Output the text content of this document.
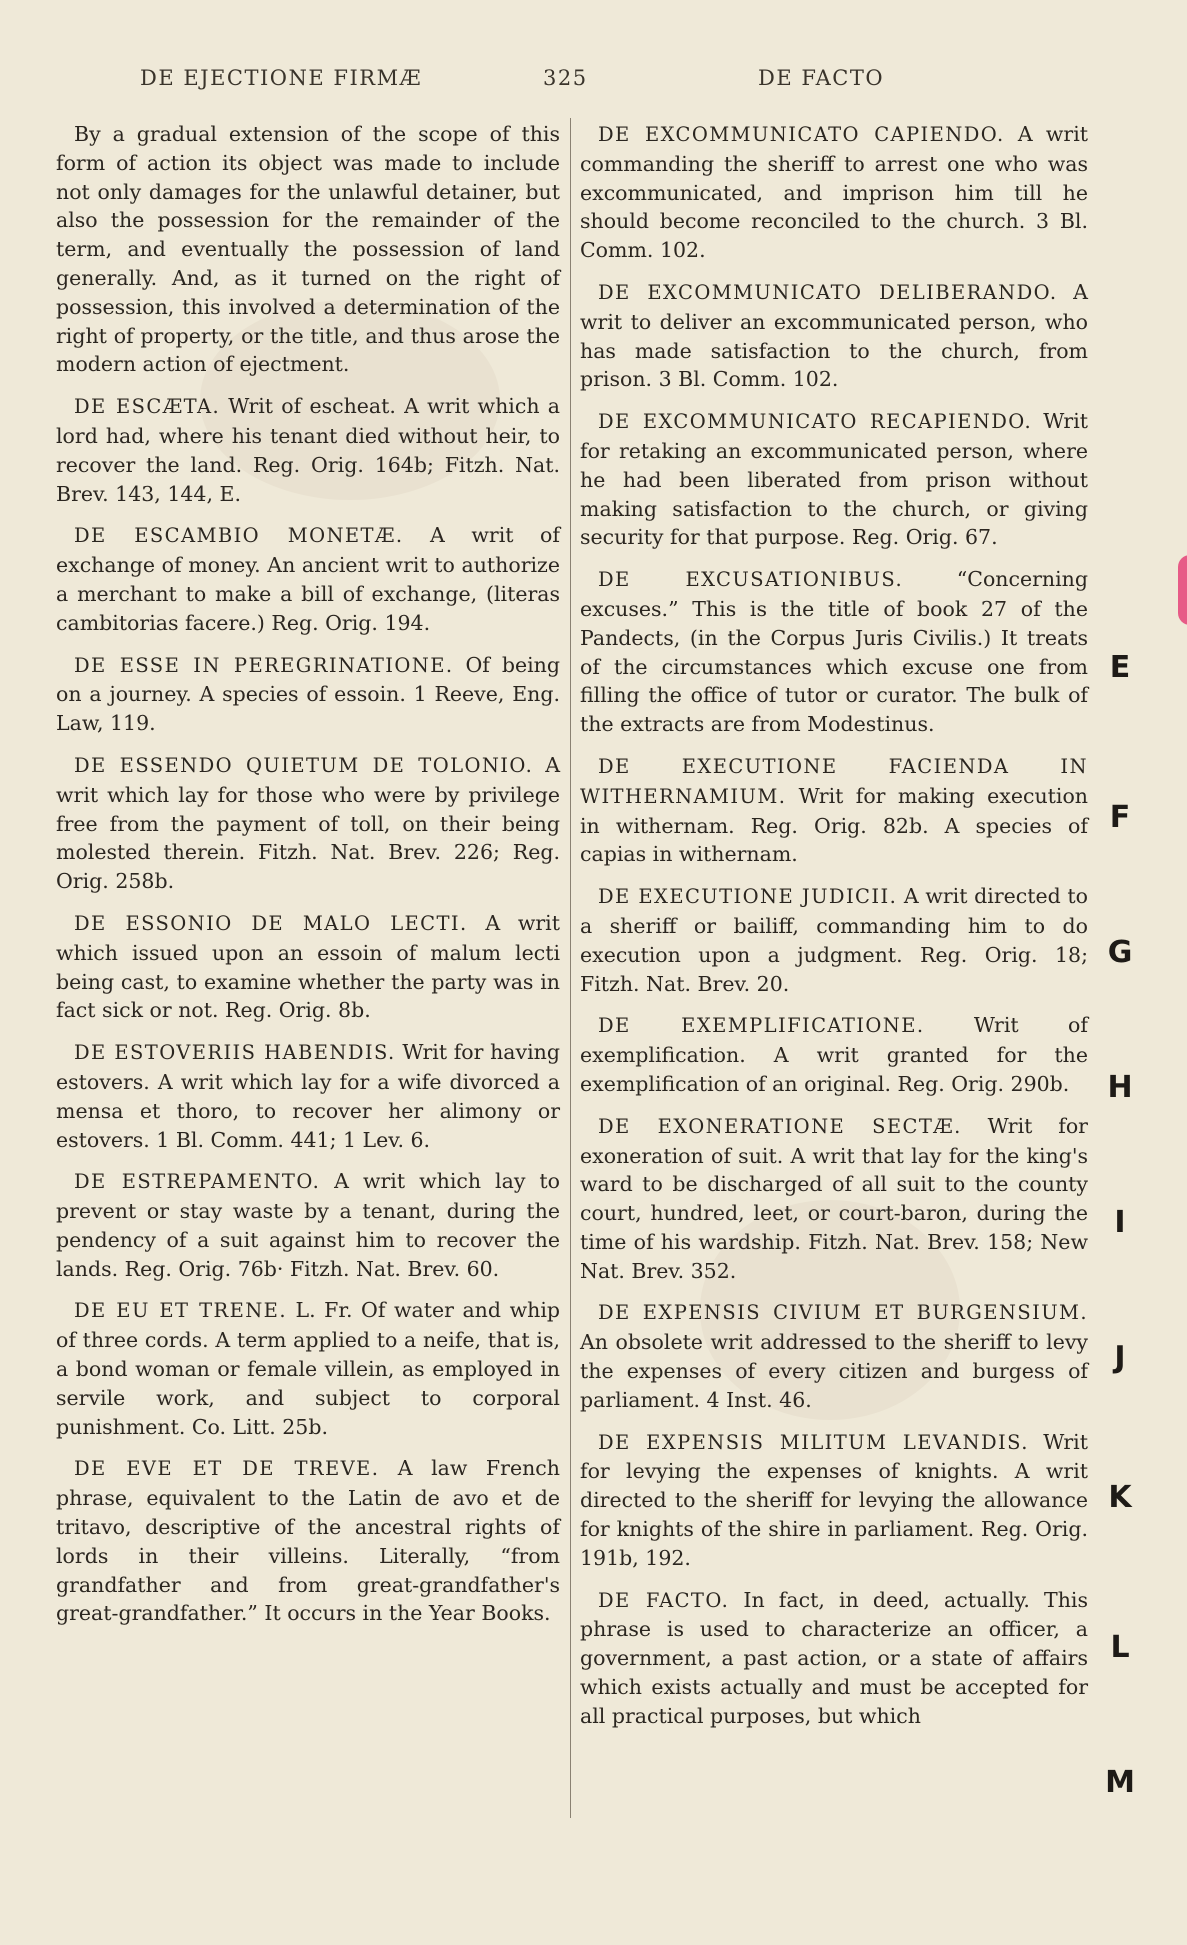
DE EJECTIONE FIRMÆ	325	DE FACTO

By a gradual extension of the scope of this form of action its object was made to include not only damages for the unlawful detainer, but also the possession for the remainder of the term, and eventually the possession of land generally. And, as it turned on the right of possession, this involved a determination of the right of property, or the title, and thus arose the modern action of ejectment.

DE ESCÆTA. Writ of escheat. A writ which a lord had, where his tenant died without heir, to recover the land. Reg. Orig. 164b; Fitzh. Nat. Brev. 143, 144, E.

DE ESCAMBIO MONETÆ. A writ of exchange of money. An ancient writ to authorize a merchant to make a bill of exchange, (literas cambitorias facere.) Reg. Orig. 194.

DE ESSE IN PEREGRINATIONE. Of being on a journey. A species of essoin. 1 Reeve, Eng. Law, 119.

DE ESSENDO QUIETUM DE TOLONIO. A writ which lay for those who were by privilege free from the payment of toll, on their being molested therein. Fitzh. Nat. Brev. 226; Reg. Orig. 258b.

DE ESSONIO DE MALO LECTI. A writ which issued upon an essoin of malum lecti being cast, to examine whether the party was in fact sick or not. Reg. Orig. 8b.

DE ESTOVERIIS HABENDIS. Writ for having estovers. A writ which lay for a wife divorced a mensa et thoro, to recover her alimony or estovers. 1 Bl. Comm. 441; 1 Lev. 6.

DE ESTREPAMENTO. A writ which lay to prevent or stay waste by a tenant, during the pendency of a suit against him to recover the lands. Reg. Orig. 76b· Fitzh. Nat. Brev. 60.

DE EU ET TRENE. L. Fr. Of water and whip of three cords. A term applied to a neife, that is, a bond woman or female villein, as employed in servile work, and subject to corporal punishment. Co. Litt. 25b.

DE EVE ET DE TREVE. A law French phrase, equivalent to the Latin de avo et de tritavo, descriptive of the ancestral rights of lords in their villeins. Literally, “from grandfather and from great-grandfather's great-grandfather.” It occurs in the Year Books.

DE EXCOMMUNICATO CAPIENDO. A writ commanding the sheriff to arrest one who was excommunicated, and imprison him till he should become reconciled to the church. 3 Bl. Comm. 102.

DE EXCOMMUNICATO DELIBERANDO. A writ to deliver an excommunicated person, who has made satisfaction to the church, from prison. 3 Bl. Comm. 102.

DE EXCOMMUNICATO RECAPIENDO. Writ for retaking an excommunicated person, where he had been liberated from prison without making satisfaction to the church, or giving security for that purpose. Reg. Orig. 67.

DE EXCUSATIONIBUS.	“Concerning excuses.” This is the title of book 27 of the Pandects, (in the Corpus Juris Civilis.) It treats of the circumstances which excuse one from filling the office of tutor or curator. The bulk of the extracts are from Modestinus.

DE EXECUTIONE FACIENDA IN WITHERNAMIUM. Writ for making execution in withernam. Reg. Orig. 82b. A species of capias in withernam.

DE EXECUTIONE JUDICII. A writ directed to a sheriff or bailiff, commanding him to do execution upon a judgment. Reg. Orig. 18; Fitzh. Nat. Brev. 20.

DE EXEMPLIFICATIONE. Writ of exemplification. A writ granted for the exemplification of an original. Reg. Orig. 290b.

DE EXONERATIONE SECTÆ. Writ for exoneration of suit. A writ that lay for the king's ward to be discharged of all suit to the county court, hundred, leet, or court-baron, during the time of his wardship. Fitzh. Nat. Brev. 158; New Nat. Brev. 352.

DE EXPENSIS CIVIUM ET BURGENSIUM. An obsolete writ addressed to the sheriff to levy the expenses of every citizen and burgess of parliament. 4 Inst. 46.

DE EXPENSIS MILITUM LEVANDIS. Writ for levying the expenses of knights. A writ directed to the sheriff for levying the allowance for knights of the shire in parliament. Reg. Orig. 191b, 192.

DE FACTO. In fact, in deed, actually. This phrase is used to characterize an officer, a government, a past action, or a state of affairs which exists actually and must be accepted for all practical purposes, but which

E
F
G
H
I
J
K
L
M
